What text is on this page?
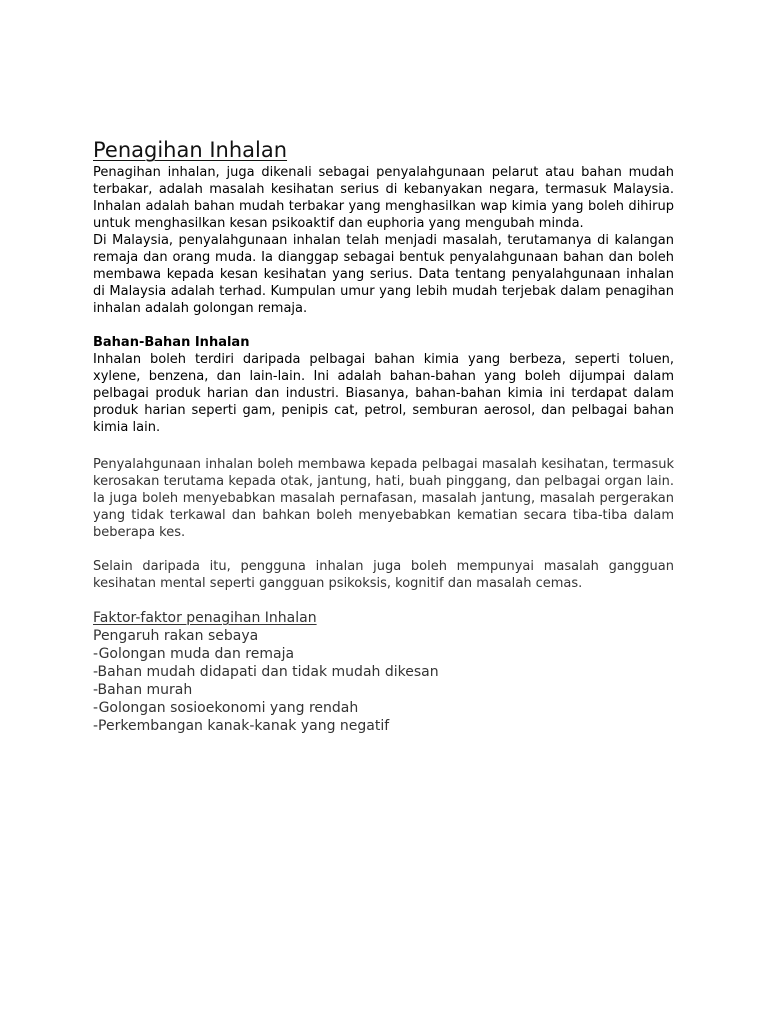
Penagihan Inhalan

Penagihan inhalan, juga dikenali sebagai penyalahgunaan pelarut atau bahan mudah terbakar, adalah masalah kesihatan serius di kebanyakan negara, termasuk Malaysia. Inhalan adalah bahan mudah terbakar yang menghasilkan wap kimia yang boleh dihirup untuk menghasilkan kesan psikoaktif dan euphoria yang mengubah minda.

Di Malaysia, penyalahgunaan inhalan telah menjadi masalah, terutamanya di kalangan remaja dan orang muda. Ia dianggap sebagai bentuk penyalahgunaan bahan dan boleh membawa kepada kesan kesihatan yang serius. Data tentang penyalahgunaan inhalan di Malaysia adalah terhad. Kumpulan umur yang lebih mudah terjebak dalam penagihan inhalan adalah golongan remaja.

Bahan-Bahan Inhalan

Inhalan boleh terdiri daripada pelbagai bahan kimia yang berbeza, seperti toluen, xylene, benzena, dan lain-lain. Ini adalah bahan-bahan yang boleh dijumpai dalam pelbagai produk harian dan industri. Biasanya, bahan-bahan kimia ini terdapat dalam produk harian seperti gam, penipis cat, petrol, semburan aerosol, dan pelbagai bahan kimia lain.

Penyalahgunaan inhalan boleh membawa kepada pelbagai masalah kesihatan, termasuk kerosakan terutama kepada otak, jantung, hati, buah pinggang, dan pelbagai organ lain. Ia juga boleh menyebabkan masalah pernafasan, masalah jantung, masalah pergerakan yang tidak terkawal dan bahkan boleh menyebabkan kematian secara tiba-tiba dalam beberapa kes.

Selain daripada itu, pengguna inhalan juga boleh mempunyai masalah gangguan kesihatan mental seperti gangguan psikoksis, kognitif dan masalah cemas.

Faktor-faktor penagihan Inhalan

Pengaruh rakan sebaya
-Golongan muda dan remaja
-Bahan mudah didapati dan tidak mudah dikesan
-Bahan murah
-Golongan sosioekonomi yang rendah
-Perkembangan kanak-kanak yang negatif
